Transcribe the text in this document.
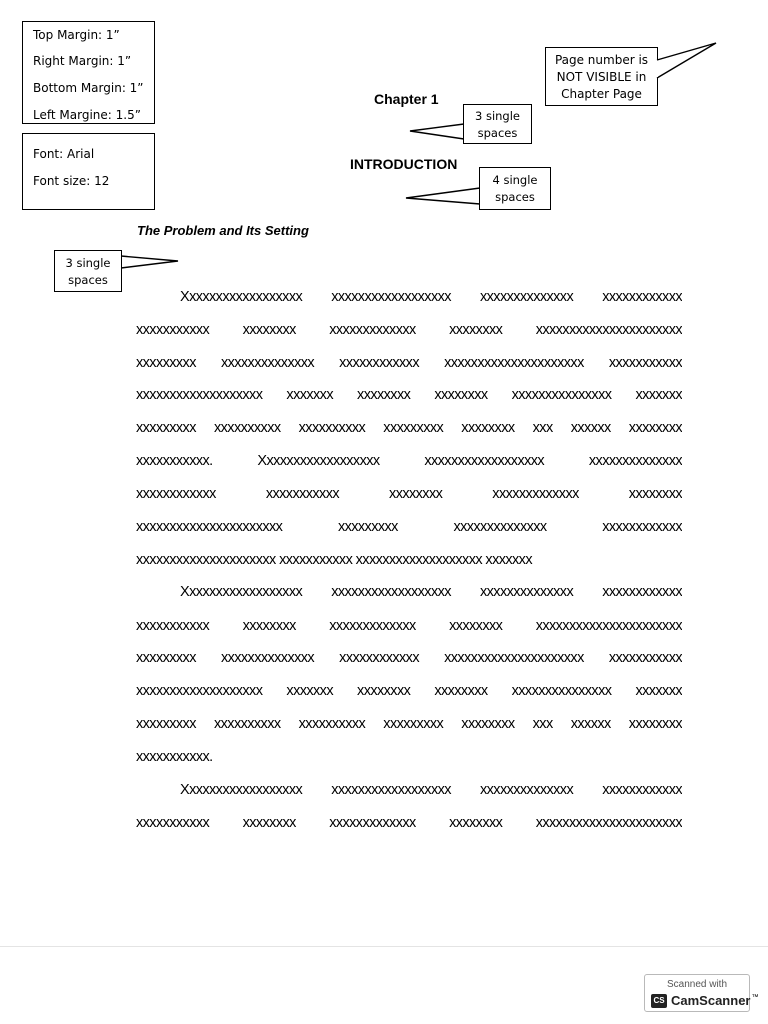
Top Margin: 1”

Right Margin: 1”

Bottom Margin: 1”

Left Margine: 1.5”

Font: Arial

Font size: 12

Page number is NOT VISIBLE in Chapter Page
Chapter 1
3 single spaces
INTRODUCTION
4 single spaces
The Problem and Its Setting
3 single spaces

Xxxxxxxxxxxxxxxxxx xxxxxxxxxxxxxxxxxx xxxxxxxxxxxxxx xxxxxxxxxxxx

xxxxxxxxxxx xxxxxxxx xxxxxxxxxxxxx xxxxxxxx xxxxxxxxxxxxxxxxxxxxxx

xxxxxxxxx xxxxxxxxxxxxxx xxxxxxxxxxxx xxxxxxxxxxxxxxxxxxxxx xxxxxxxxxxx

xxxxxxxxxxxxxxxxxxx xxxxxxx xxxxxxxx xxxxxxxx xxxxxxxxxxxxxxx xxxxxxx

xxxxxxxxx xxxxxxxxxx xxxxxxxxxx xxxxxxxxx xxxxxxxx xxx xxxxxx xxxxxxxx

xxxxxxxxxxx. Xxxxxxxxxxxxxxxxxx xxxxxxxxxxxxxxxxxx xxxxxxxxxxxxxx

xxxxxxxxxxxx xxxxxxxxxxx xxxxxxxx xxxxxxxxxxxxx xxxxxxxx

xxxxxxxxxxxxxxxxxxxxxx xxxxxxxxx xxxxxxxxxxxxxx xxxxxxxxxxxx

xxxxxxxxxxxxxxxxxxxxx xxxxxxxxxxx xxxxxxxxxxxxxxxxxxx xxxxxxx

Xxxxxxxxxxxxxxxxxx xxxxxxxxxxxxxxxxxx xxxxxxxxxxxxxx xxxxxxxxxxxx

xxxxxxxxxxx xxxxxxxx xxxxxxxxxxxxx xxxxxxxx xxxxxxxxxxxxxxxxxxxxxx

xxxxxxxxx xxxxxxxxxxxxxx xxxxxxxxxxxx xxxxxxxxxxxxxxxxxxxxx xxxxxxxxxxx

xxxxxxxxxxxxxxxxxxx xxxxxxx xxxxxxxx xxxxxxxx xxxxxxxxxxxxxxx xxxxxxx

xxxxxxxxx xxxxxxxxxx xxxxxxxxxx xxxxxxxxx xxxxxxxx xxx xxxxxx xxxxxxxx

xxxxxxxxxxx.

Xxxxxxxxxxxxxxxxxx xxxxxxxxxxxxxxxxxx xxxxxxxxxxxxxx xxxxxxxxxxxx

xxxxxxxxxxx xxxxxxxx xxxxxxxxxxxxx xxxxxxxx xxxxxxxxxxxxxxxxxxxxxx

Scanned with
CS CamScanner ™
